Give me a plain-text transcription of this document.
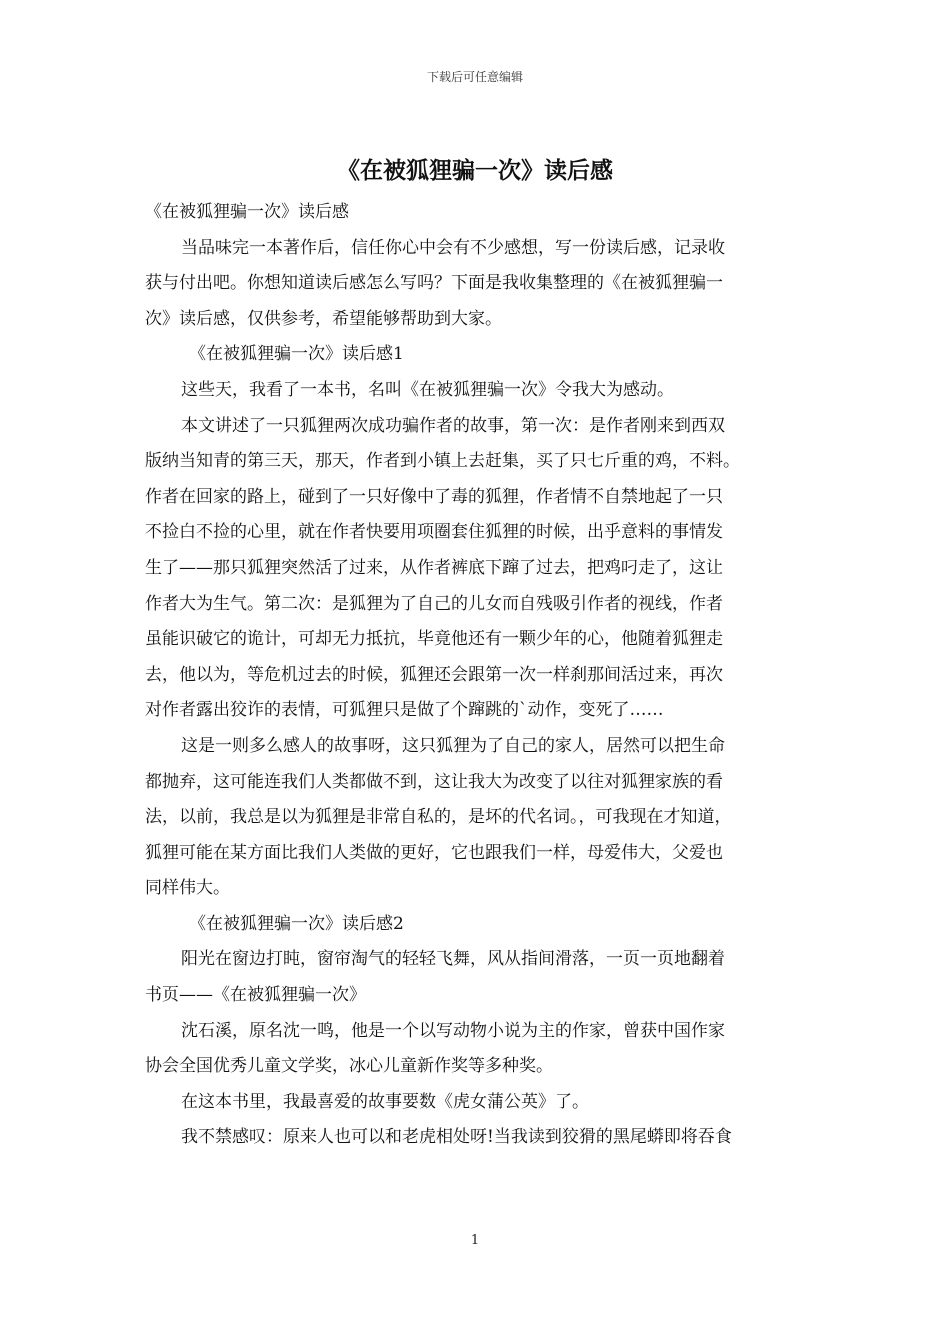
下载后可任意编辑
《在被狐狸骗一次》读后感
《在被狐狸骗一次》读后感
当品味完一本著作后，信任你心中会有不少感想，写一份读后感，记录收
获与付出吧。你想知道读后感怎么写吗？下面是我收集整理的《在被狐狸骗一
次》读后感，仅供参考，希望能够帮助到大家。
《在被狐狸骗一次》读后感1
这些天，我看了一本书，名叫《在被狐狸骗一次》令我大为感动。
本文讲述了一只狐狸两次成功骗作者的故事，第一次：是作者刚来到西双
版纳当知青的第三天，那天，作者到小镇上去赶集，买了只七斤重的鸡，不料。
作者在回家的路上，碰到了一只好像中了毒的狐狸，作者情不自禁地起了一只
不捡白不捡的心里，就在作者快要用项圈套住狐狸的时候，出乎意料的事情发
生了——那只狐狸突然活了过来，从作者裤底下蹿了过去，把鸡叼走了，这让
作者大为生气。第二次：是狐狸为了自己的儿女而自残吸引作者的视线，作者
虽能识破它的诡计，可却无力抵抗，毕竟他还有一颗少年的心，他随着狐狸走
去，他以为，等危机过去的时候，狐狸还会跟第一次一样刹那间活过来，再次
对作者露出狡诈的表情，可狐狸只是做了个蹿跳的`动作，变死了……
这是一则多么感人的故事呀，这只狐狸为了自己的家人，居然可以把生命
都抛弃，这可能连我们人类都做不到，这让我大为改变了以往对狐狸家族的看
法，以前，我总是以为狐狸是非常自私的，是坏的代名词。，可我现在才知道，
狐狸可能在某方面比我们人类做的更好，它也跟我们一样，母爱伟大，父爱也
同样伟大。
《在被狐狸骗一次》读后感2
阳光在窗边打盹，窗帘淘气的轻轻飞舞，风从指间滑落，一页一页地翻着
书页——《在被狐狸骗一次》
沈石溪，原名沈一鸣，他是一个以写动物小说为主的作家，曾获中国作家
协会全国优秀儿童文学奖，冰心儿童新作奖等多种奖。
在这本书里，我最喜爱的故事要数《虎女蒲公英》了。
我不禁感叹：原来人也可以和老虎相处呀!当我读到狡猾的黑尾蟒即将吞食
1
